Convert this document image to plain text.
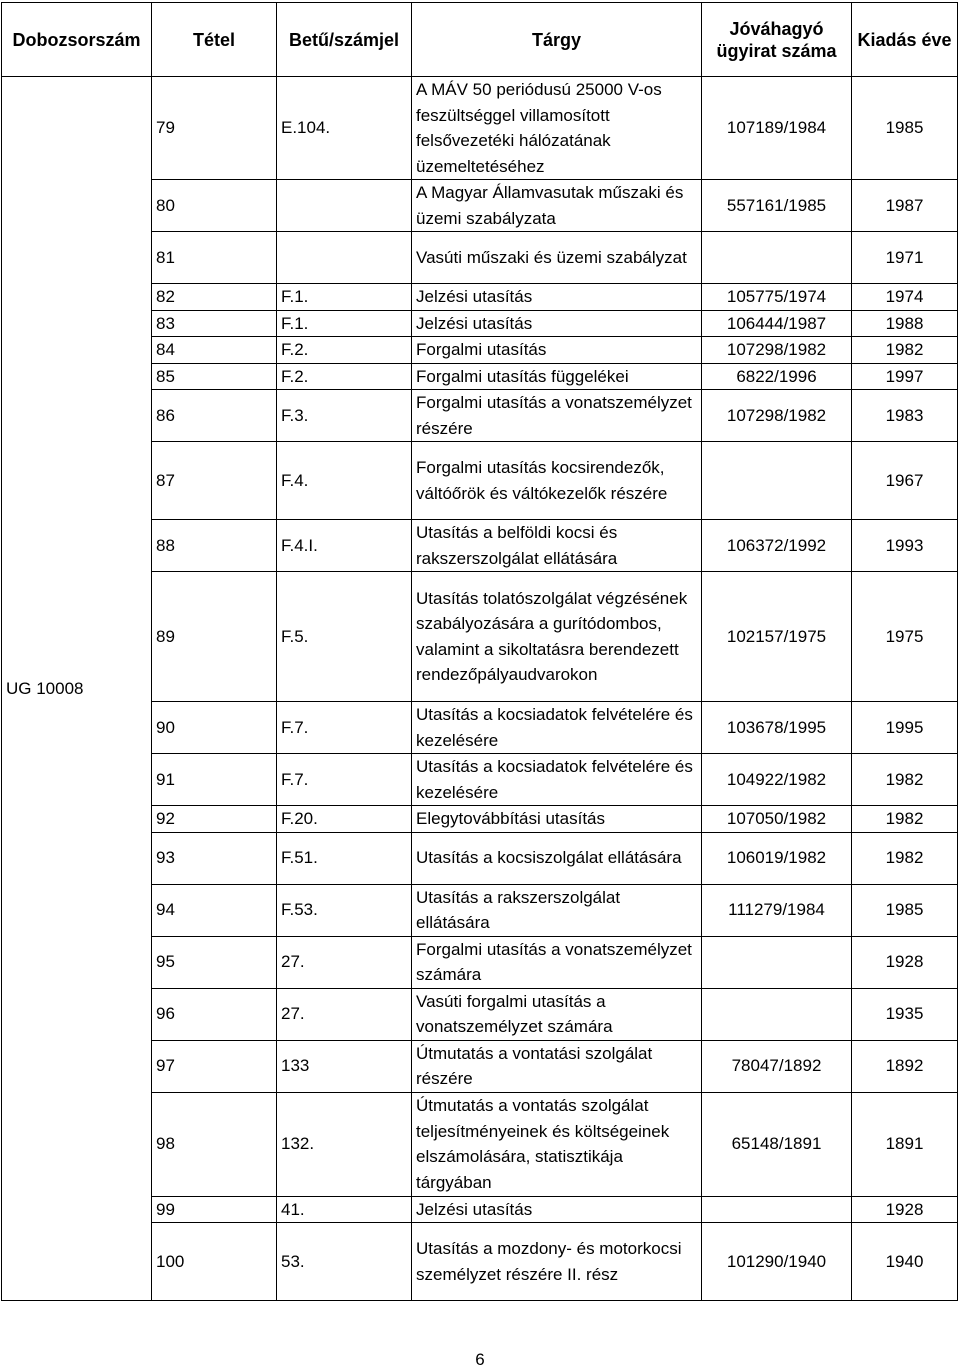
Dobozsorszám	Tétel	Betű/számjel	Tárgy	Jóváhagyó ügyirat száma	Kiadás éve
UG 10008	79	E.104.	A MÁV 50 periódusú 25000 V-os feszültséggel villamosított felsővezetéki hálózatának üzemeltetéséhez	107189/1984	1985
	80		A Magyar Államvasutak műszaki és üzemi szabályzata	557161/1985	1987
	81		Vasúti műszaki és üzemi szabályzat		1971
	82	F.1.	Jelzési utasítás	105775/1974	1974
	83	F.1.	Jelzési utasítás	106444/1987	1988
	84	F.2.	Forgalmi utasítás	107298/1982	1982
	85	F.2.	Forgalmi utasítás függelékei	6822/1996	1997
	86	F.3.	Forgalmi utasítás a vonatszemélyzet részére	107298/1982	1983
	87	F.4.	Forgalmi utasítás kocsirendezők, váltóőrök és váltókezelők részére		1967
	88	F.4.I.	Utasítás a belföldi kocsi és rakszerszolgálat ellátására	106372/1992	1993
	89	F.5.	Utasítás tolatószolgálat végzésének szabályozására a gurítódombos, valamint a sikoltatásra berendezett rendezőpályaudvarokon	102157/1975	1975
	90	F.7.	Utasítás a kocsiadatok felvételére és kezelésére	103678/1995	1995
	91	F.7.	Utasítás a kocsiadatok felvételére és kezelésére	104922/1982	1982
	92	F.20.	Elegytovábbítási utasítás	107050/1982	1982
	93	F.51.	Utasítás a kocsiszolgálat ellátására	106019/1982	1982
	94	F.53.	Utasítás a rakszerszolgálat ellátására	111279/1984	1985
	95	27.	Forgalmi utasítás a vonatszemélyzet számára		1928
	96	27.	Vasúti forgalmi utasítás a vonatszemélyzet számára		1935
	97	133	Útmutatás a vontatási szolgálat részére	78047/1892	1892
	98	132.	Útmutatás a vontatás szolgálat teljesítményeinek és költségeinek elszámolására, statisztikája tárgyában	65148/1891	1891
	99	41.	Jelzési utasítás		1928
	100	53.	Utasítás a mozdony- és motorkocsi személyzet részére II. rész	101290/1940	1940
6
